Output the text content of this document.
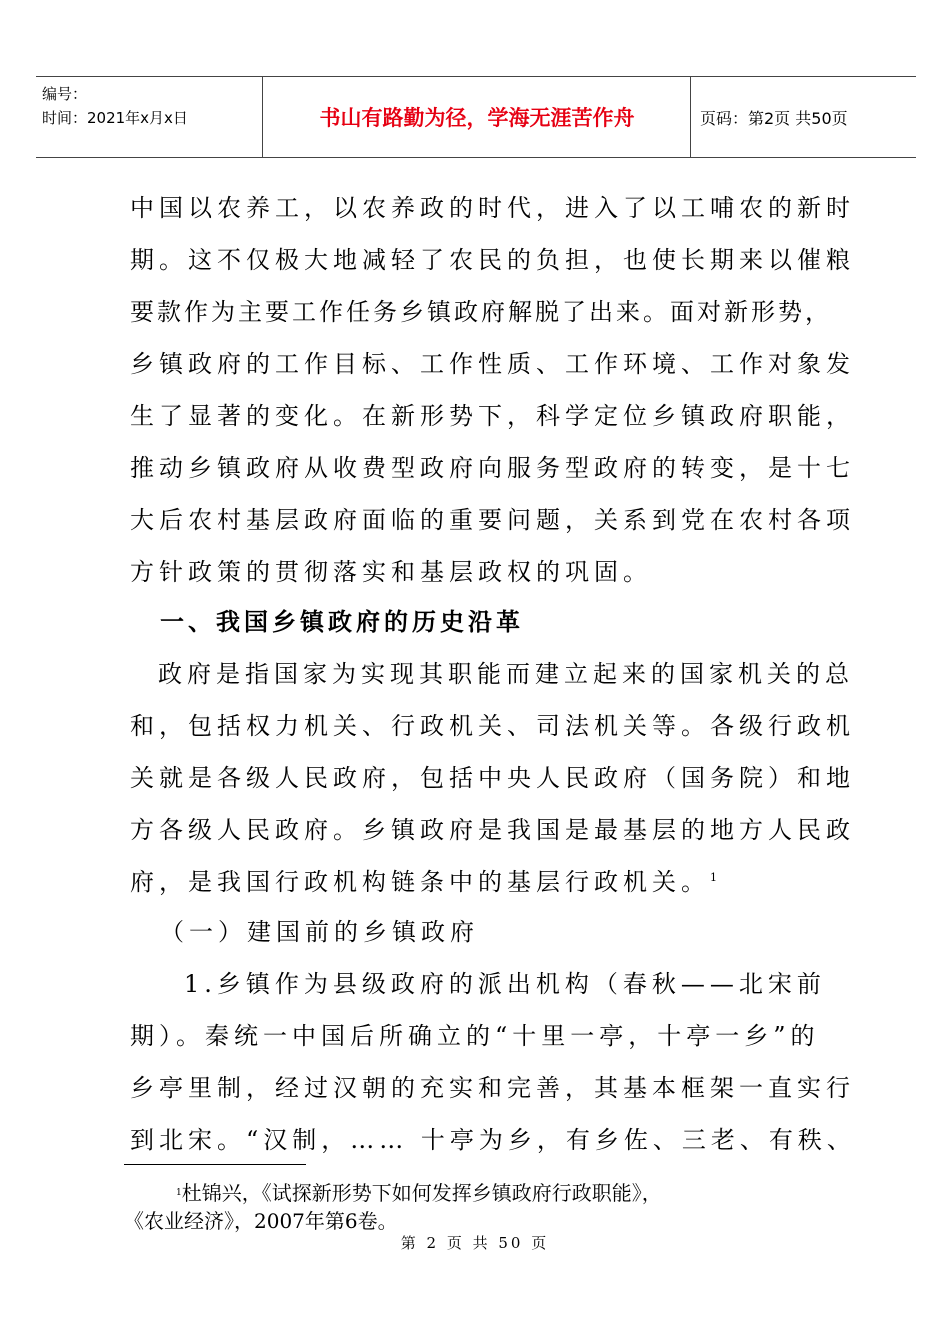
编号：
时间：2021年x月x日	书山有路勤为径，学海无涯苦作舟	页码：第2页 共50页
中国以农养工，以农养政的时代，进入了以工哺农的新时
期。这不仅极大地减轻了农民的负担，也使长期来以催粮
要款作为主要工作任务乡镇政府解脱了出来。面对新形势，
乡镇政府的工作目标、工作性质、工作环境、工作对象发
生了显著的变化。在新形势下，科学定位乡镇政府职能，
推动乡镇政府从收费型政府向服务型政府的转变，是十七
大后农村基层政府面临的重要问题，关系到党在农村各项
方针政策的贯彻落实和基层政权的巩固。
一、我国乡镇政府的历史沿革
政府是指国家为实现其职能而建立起来的国家机关的总
和，包括权力机关、行政机关、司法机关等。各级行政机
关就是各级人民政府，包括中央人民政府（国务院）和地
方各级人民政府。乡镇政府是我国是最基层的地方人民政
府，是我国行政机构链条中的基层行政机关。$^1$
（一）建国前的乡镇政府
1.乡镇作为县级政府的派出机构（春秋——北宋前
期）。秦统一中国后所确立的“十里一亭，十亭一乡”的
乡亭里制，经过汉朝的充实和完善，其基本框架一直实行
到北宋。“汉制，…… 十亭为乡，有乡佐、三老、有秩、
$^1$杜锦兴，《试探新形势下如何发挥乡镇政府行政职能》，
《农业经济》，2007年第6卷。
第 2 页 共 50 页
